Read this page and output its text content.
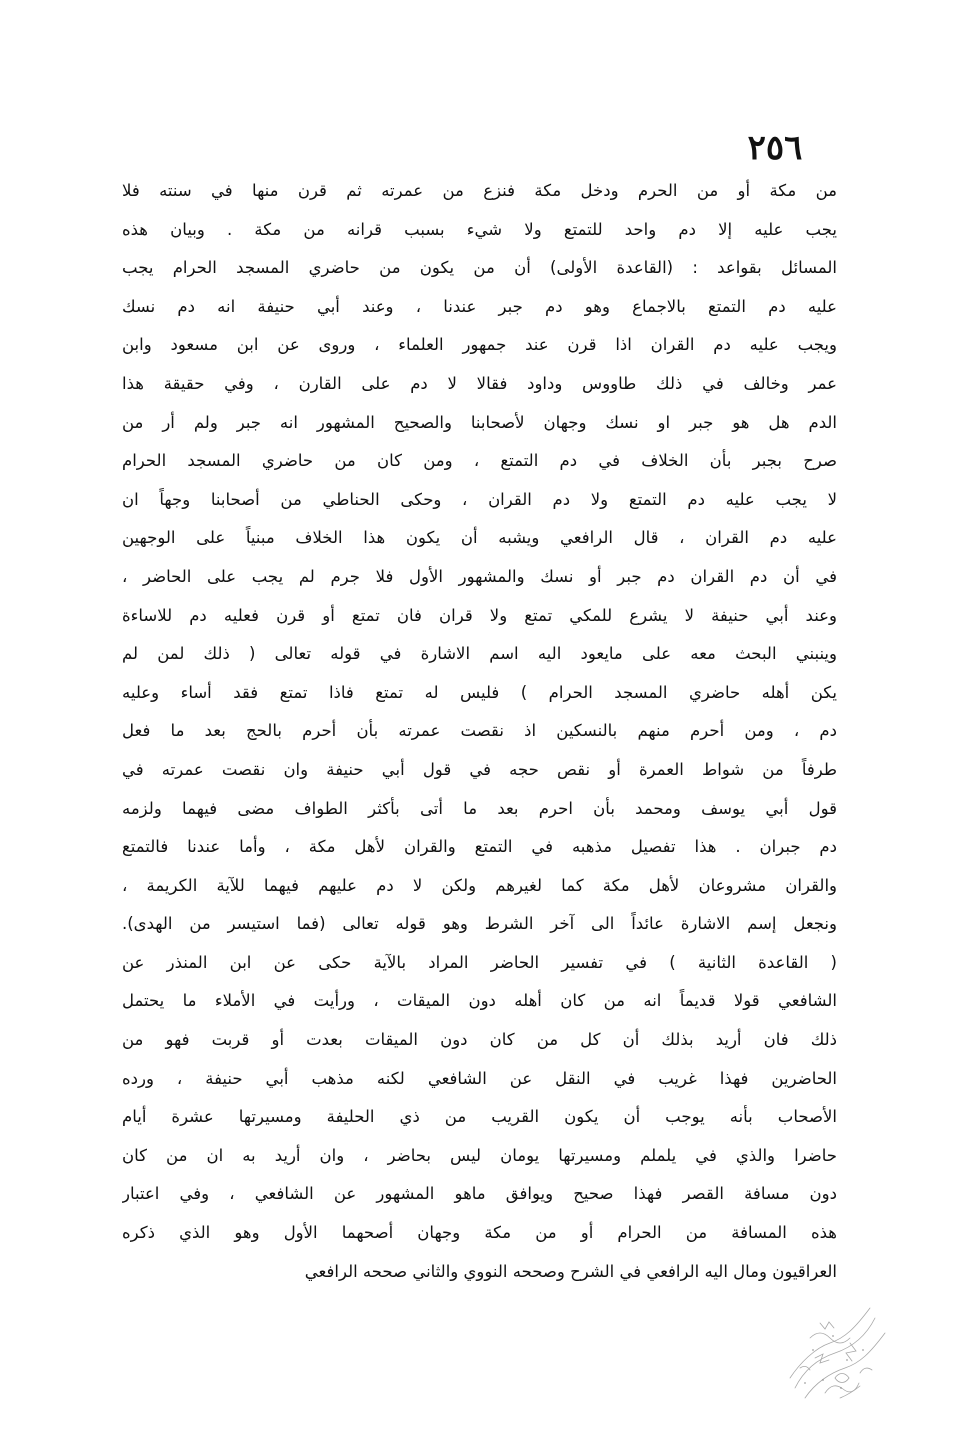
٢٥٦
من مكة أو من الحرم ودخل مكة فنزع من عمرته ثم قرن منها في سنته فلا
يجب عليه إلا دم واحد للتمتع ولا شيء بسبب قرانه من مكة . وبيان هذه
المسائل بقواعد : (القاعدة الأولى) أن من يكون من حاضري المسجد الحرام يجب
عليه دم التمتع بالاجماع وهو دم جبر عندنا ، وعند أبي حنيفة انه دم نسك
ويجب عليه دم القران اذا قرن عند جمهور العلماء ، وروى عن ابن مسعود وابن
عمر وخالف في ذلك طاووس وداود فقالا لا دم على القارن ، وفي حقيقة هذا
الدم هل هو جبر او نسك وجهان لأصحابنا والصحيح المشهور انه جبر ولم أر من
صرح بجبر بأن الخلاف في دم التمتع ، ومن كان من حاضري المسجد الحرام
لا يجب عليه دم التمتع ولا دم القران ، وحكى الحناطي من أصحابنا وجهاً ان
عليه دم القران ، قال الرافعي ويشبه أن يكون هذا الخلاف مبنياً على الوجهين
في أن دم القران دم جبر أو نسك والمشهور الأول فلا جرم لم يجب على الحاضر ،
وعند أبي حنيفة لا يشرع للمكي تمتع ولا قران فان تمتع أو قرن فعليه دم للاساءة
وينبني البحث معه على مايعود اليه اسم الاشارة في قوله تعالى ( ذلك لمن لم
يكن أهله حاضري المسجد الحرام ) فليس له تمتع فاذا تمتع فقد أساء وعليه
دم ، ومن أحرم منهم بالنسكين اذ نقصت عمرته بأن أحرم بالحج بعد ما فعل
طرفاً من شواط العمرة أو نقص حجه في قول أبي حنيفة وان نقصت عمرته في
قول أبي يوسف ومحمد بأن احرم بعد ما أتى بأكثر الطواف مضى فيهما ولزمه
دم جبران . هذا تفصيل مذهبه في التمتع والقران لأهل مكة ، وأما عندنا فالتمتع
والقران مشروعان لأهل مكة كما لغيرهم ولكن لا دم عليهم فيهما للآية الكريمة ،
ونجعل إسم الاشارة عائداً الى آخر الشرط وهو قوله تعالى (فما استيسر من الهدى).
( القاعدة الثانية ) في تفسير الحاضر المراد بالآية حكى عن ابن المنذر عن
الشافعي قولا قديماً انه من كان أهله دون الميقات ، ورأيت في الأملاء ما يحتمل
ذلك فان أريد بذلك أن كل من كان دون الميقات بعدت أو قربت فهو من
الحاضرين فهذا غريب في النقل عن الشافعي لكنه مذهب أبي حنيفة ، ورده
الأصحاب بأنه يوجب أن يكون القريب من ذي الحليفة ومسيرتها عشرة أيام
حاضرا والذي في يلملم ومسيرتها يومان ليس بحاضر ، وان أريد به ان من كان
دون مسافة القصر فهذا صحيح ويوافق ماهو المشهور عن الشافعي ، وفي اعتبار
هذه المسافة من الحرام أو من مكة وجهان أصحهما الأول وهو الذي ذكره
العراقيون ومال اليه الرافعي في الشرح وصححه النووي والثاني صححه الرافعي
